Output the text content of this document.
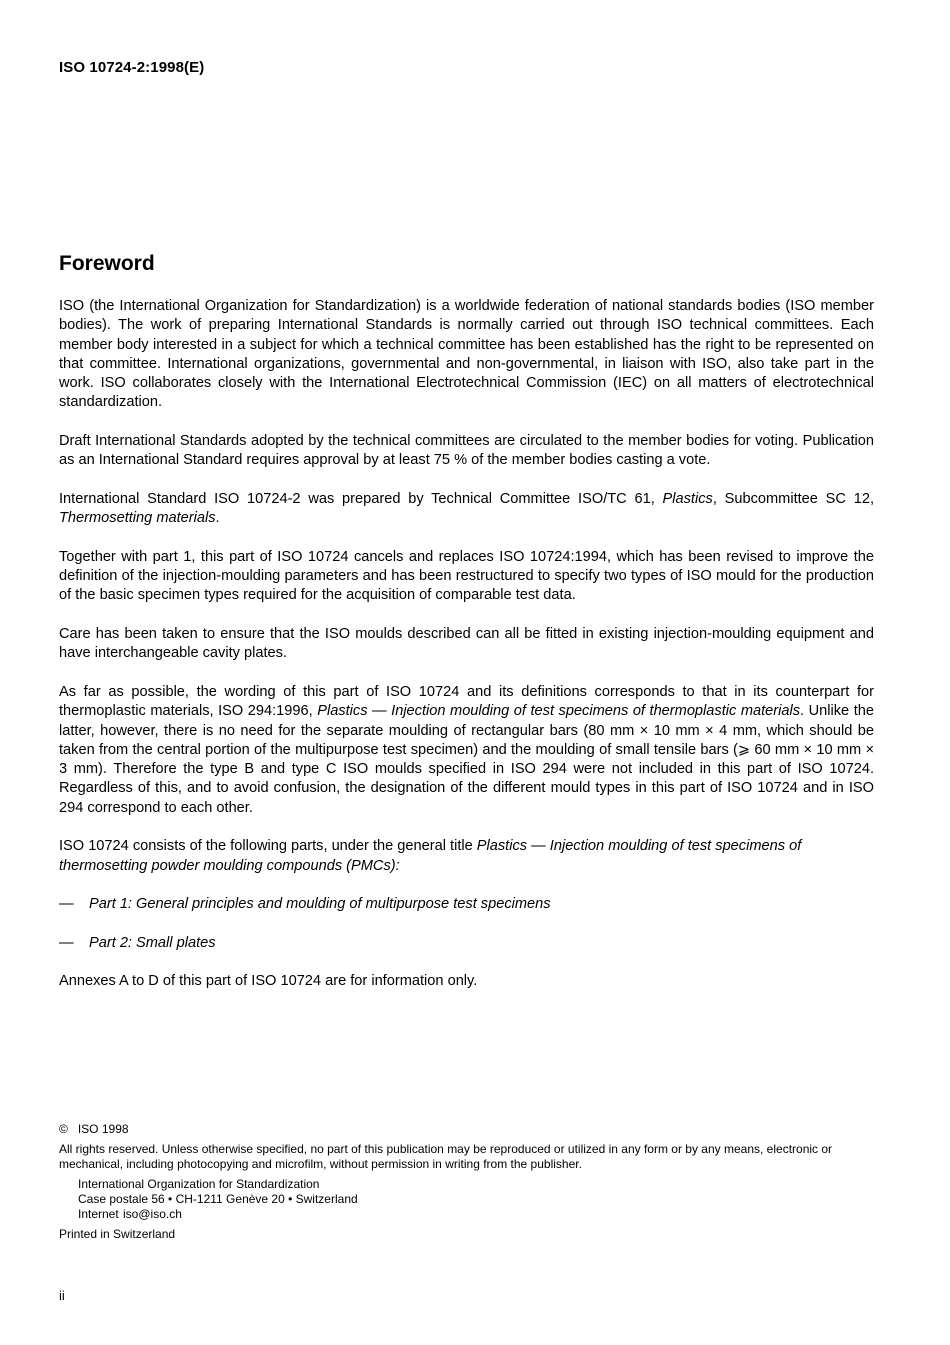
ISO 10724-2:1998(E)
Foreword

ISO (the International Organization for Standardization) is a worldwide federation of national standards bodies (ISO member bodies). The work of preparing International Standards is normally carried out through ISO technical committees. Each member body interested in a subject for which a technical committee has been established has the right to be represented on that committee. International organizations, governmental and non-governmental, in liaison with ISO, also take part in the work. ISO collaborates closely with the International Electrotechnical Commission (IEC) on all matters of electrotechnical standardization.

Draft International Standards adopted by the technical committees are circulated to the member bodies for voting. Publication as an International Standard requires approval by at least 75 % of the member bodies casting a vote.

International Standard ISO 10724-2 was prepared by Technical Committee ISO/TC 61, Plastics, Subcommittee SC 12, Thermosetting materials.

Together with part 1, this part of ISO 10724 cancels and replaces ISO 10724:1994, which has been revised to improve the definition of the injection-moulding parameters and has been restructured to specify two types of ISO mould for the production of the basic specimen types required for the acquisition of comparable test data.

Care has been taken to ensure that the ISO moulds described can all be fitted in existing injection-moulding equipment and have interchangeable cavity plates.

As far as possible, the wording of this part of ISO 10724 and its definitions corresponds to that in its counterpart for thermoplastic materials, ISO 294:1996, Plastics — Injection moulding of test specimens of thermoplastic materials. Unlike the latter, however, there is no need for the separate moulding of rectangular bars (80 mm × 10 mm × 4 mm, which should be taken from the central portion of the multipurpose test specimen) and the moulding of small tensile bars (⩾ 60 mm × 10 mm × 3 mm). Therefore the type B and type C ISO moulds specified in ISO 294 were not included in this part of ISO 10724. Regardless of this, and to avoid confusion, the designation of the different mould types in this part of ISO 10724 and in ISO 294 correspond to each other.

ISO 10724 consists of the following parts, under the general title Plastics — Injection moulding of test specimens of thermosetting powder moulding compounds (PMCs):

—	Part 1: General principles and moulding of multipurpose test specimens

—	Part 2: Small plates

Annexes A to D of this part of ISO 10724 are for information only.

©   ISO 1998
All rights reserved. Unless otherwise specified, no part of this publication may be reproduced or utilized in any form or by any means, electronic or mechanical, including photocopying and microfilm, without permission in writing from the publisher.
International Organization for Standardization
Case postale 56 • CH-1211 Genève 20 • Switzerland
Internet iso@iso.ch
Printed in Switzerland
ii
